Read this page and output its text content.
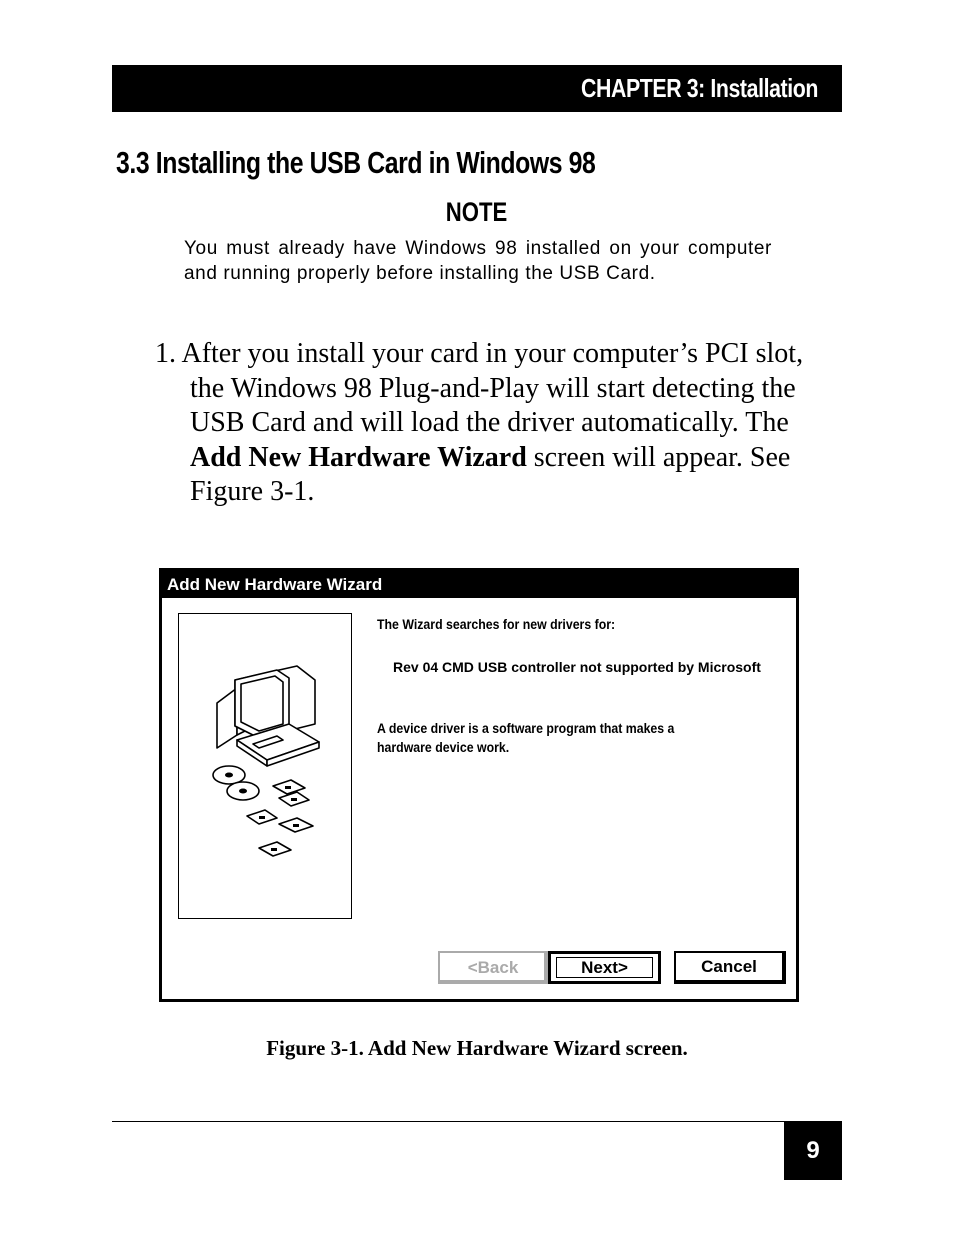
CHAPTER 3: Installation
3.3 Installing the USB Card in Windows 98
NOTE
You must already have Windows 98 installed on your computer and running properly before installing the USB Card.
1. After you install your card in your computer’s PCI slot, the Windows 98 Plug-and-Play will start detecting the USB Card and will load the driver automatically. The Add New Hardware Wizard screen will appear. See Figure 3-1.
Add New Hardware Wizard
The Wizard searches for new drivers for:
Rev 04 CMD USB controller not supported by Microsoft
A device driver is a software program that makes a hardware device work.
<Back	Next>	Cancel
Figure 3-1. Add New Hardware Wizard screen.
9
